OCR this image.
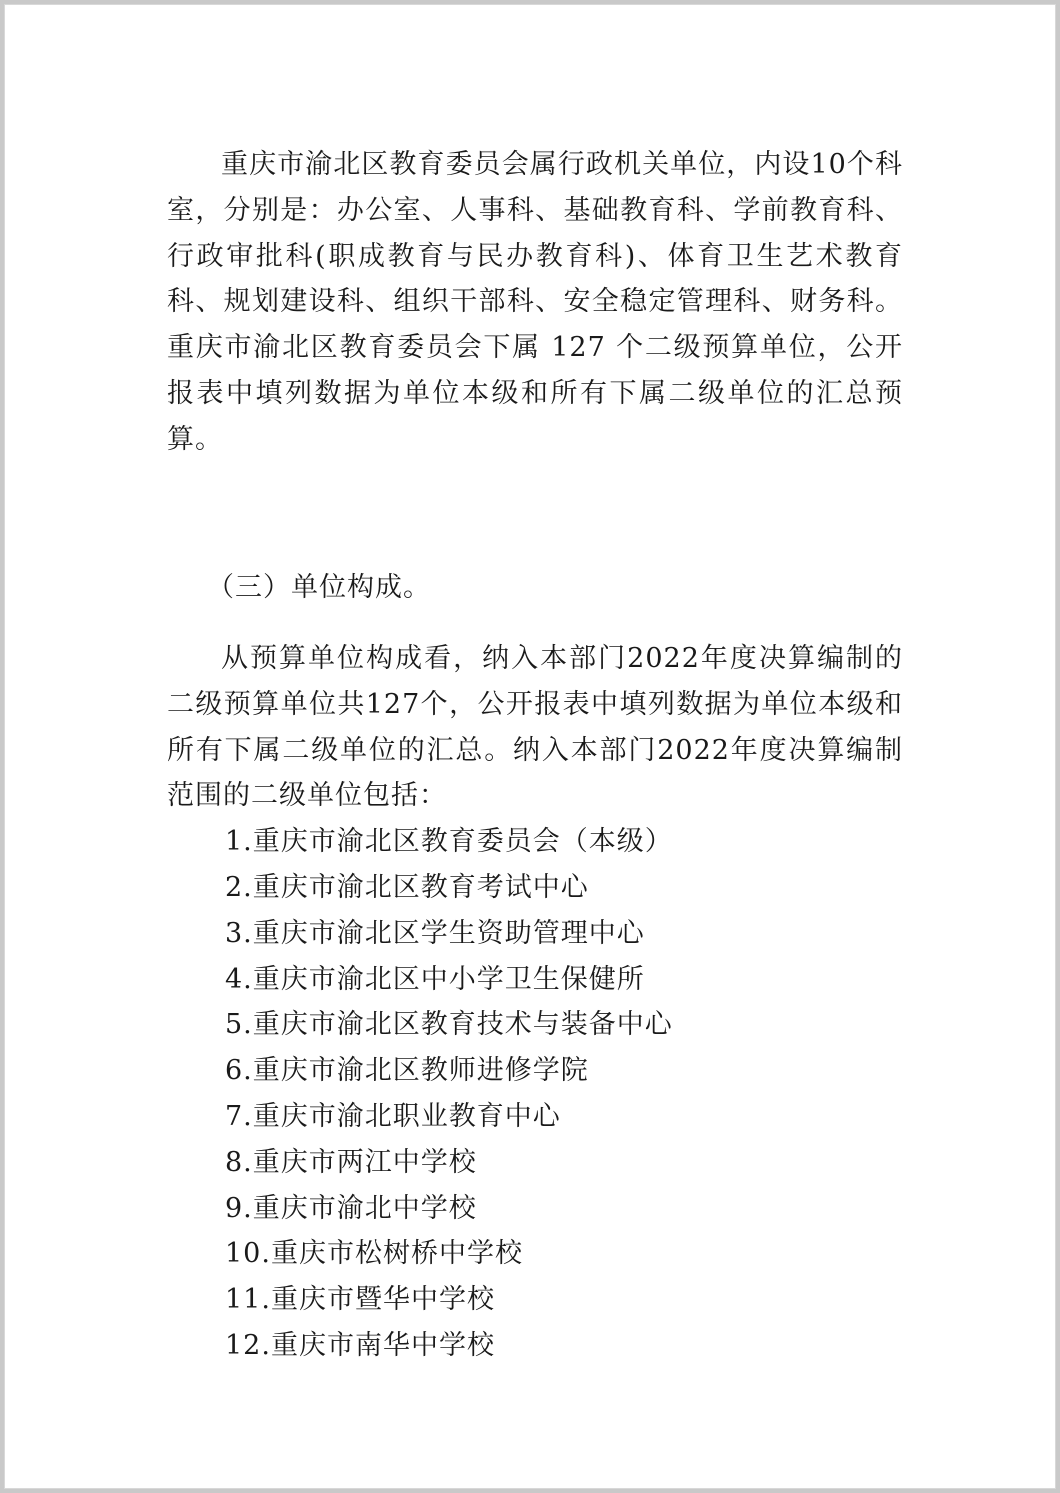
重庆市渝北区教育委员会属行政机关单位，内设10个科室，分别是：办公室、人事科、基础教育科、学前教育科、行政审批科(职成教育与民办教育科)、体育卫生艺术教育科、规划建设科、组织干部科、安全稳定管理科、财务科。重庆市渝北区教育委员会下属 127 个二级预算单位，公开报表中填列数据为单位本级和所有下属二级单位的汇总预算。

（三）单位构成。

从预算单位构成看，纳入本部门2022年度决算编制的二级预算单位共127个，公开报表中填列数据为单位本级和所有下属二级单位的汇总。纳入本部门2022年度决算编制范围的二级单位包括：

1.重庆市渝北区教育委员会（本级）
2.重庆市渝北区教育考试中心
3.重庆市渝北区学生资助管理中心
4.重庆市渝北区中小学卫生保健所
5.重庆市渝北区教育技术与装备中心
6.重庆市渝北区教师进修学院
7.重庆市渝北职业教育中心
8.重庆市两江中学校
9.重庆市渝北中学校
10.重庆市松树桥中学校
11.重庆市暨华中学校
12.重庆市南华中学校
